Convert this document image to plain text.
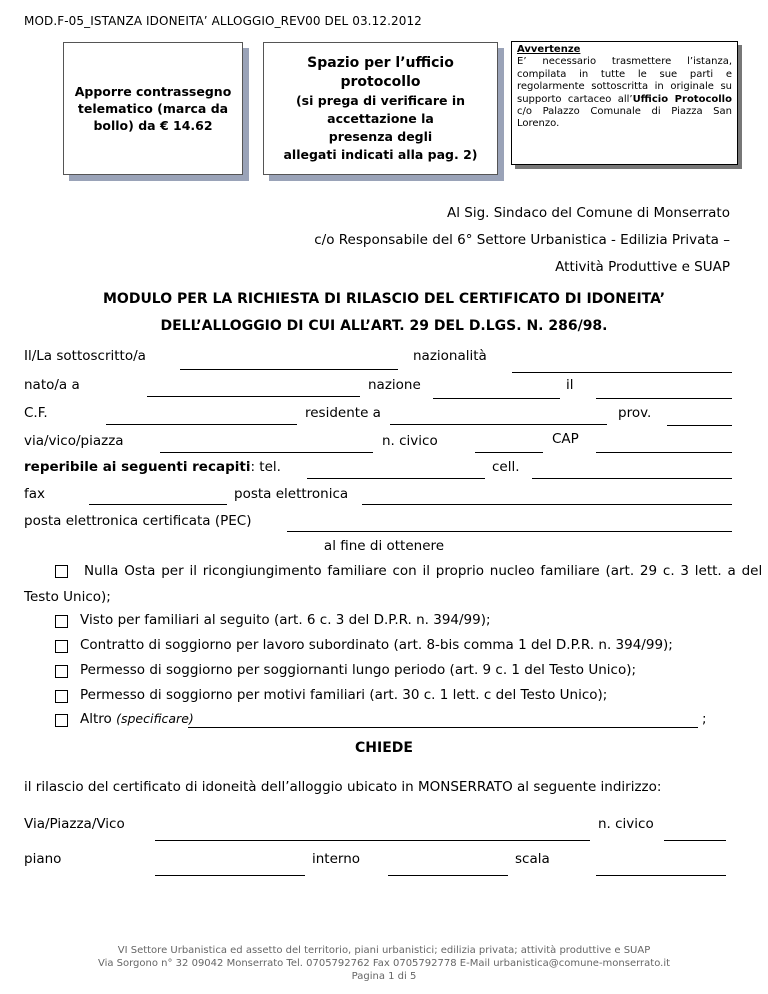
MOD.F-05_ISTANZA IDONEITA’ ALLOGGIO_REV00 DEL 03.12.2012
Apporre contrassegno telematico (marca da bollo) da € 14.62
Spazio per l’ufficio protocollo
(si prega di verificare in accettazione la presenza degli
allegati indicati alla pag. 2)
Avvertenze
E’ necessario trasmettere l’istanza, compilata in tutte le sue parti e regolarmente sottoscritta in originale su supporto cartaceo all’Ufficio Protocollo c/o Palazzo Comunale di Piazza San Lorenzo.
Al Sig. Sindaco del Comune di Monserrato
c/o Responsabile del 6° Settore Urbanistica - Edilizia Privata –
Attività Produttive e SUAP
MODULO PER LA RICHIESTA DI RILASCIO DEL CERTIFICATO DI IDONEITA’
DELL’ALLOGGIO DI CUI ALL’ART. 29 DEL D.LGS. N. 286/98.
Il/La sottoscritto/a	nazionalità
nato/a a	nazione	il
C.F.	residente a	prov.
via/vico/piazza	n. civico	CAP
reperibile ai seguenti recapiti: tel.	cell.
fax	posta elettronica
posta elettronica certificata (PEC)
al fine di ottenere
Nulla Osta per il ricongiungimento familiare con il proprio nucleo familiare (art. 29 c. 3 lett. a del
Testo Unico);
Visto per familiari al seguito (art. 6 c. 3 del D.P.R. n. 394/99);
Contratto di soggiorno per lavoro subordinato (art. 8-bis comma 1 del D.P.R. n. 394/99);
Permesso di soggiorno per soggiornanti lungo periodo (art. 9 c. 1 del Testo Unico);
Permesso di soggiorno per motivi familiari (art. 30 c. 1 lett. c del Testo Unico);
Altro (specificare)	;
CHIEDE
il rilascio del certificato di idoneità dell’alloggio ubicato in MONSERRATO al seguente indirizzo:
Via/Piazza/Vico	n. civico
piano	interno	scala
VI Settore Urbanistica ed assetto del territorio, piani urbanistici; edilizia privata; attività produttive e SUAP
Via Sorgono n° 32 09042 Monserrato Tel. 0705792762 Fax 0705792778 E-Mail urbanistica@comune-monserrato.it
Pagina 1 di 5
